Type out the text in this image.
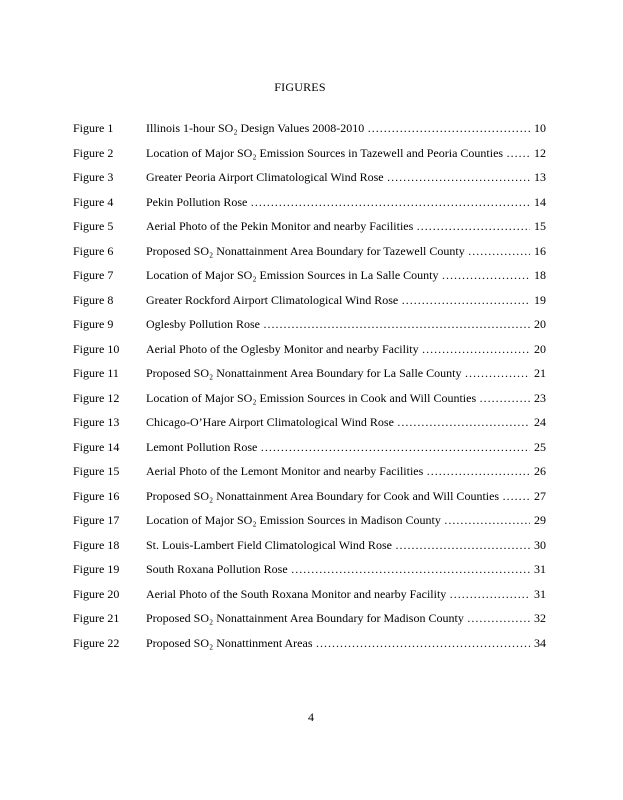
FIGURES
Figure 1	Illinois 1-hour SO₂ Design Values 2008-2010 ……………………………………………………………………………………………………	10
Figure 2	Location of Major SO₂ Emission Sources in Tazewell and Peoria Counties ……………………………………………………………………………………………………	12
Figure 3	Greater Peoria Airport Climatological Wind Rose ……………………………………………………………………………………………………	13
Figure 4	Pekin Pollution Rose ……………………………………………………………………………………………………	14
Figure 5	Aerial Photo of the Pekin Monitor and nearby Facilities ……………………………………………………………………………………………………	15
Figure 6	Proposed SO₂ Nonattainment Area Boundary for Tazewell County ……………………………………………………………………………………………………	16
Figure 7	Location of Major SO₂ Emission Sources in La Salle County ……………………………………………………………………………………………………	18
Figure 8	Greater Rockford Airport Climatological Wind Rose ……………………………………………………………………………………………………	19
Figure 9	Oglesby Pollution Rose ……………………………………………………………………………………………………	20
Figure 10	Aerial Photo of the Oglesby Monitor and nearby Facility ……………………………………………………………………………………………………	20
Figure 11	Proposed SO₂ Nonattainment Area Boundary for La Salle County ……………………………………………………………………………………………………	21
Figure 12	Location of Major SO₂ Emission Sources in Cook and Will Counties ……………………………………………………………………………………………………	23
Figure 13	Chicago-O’Hare Airport Climatological Wind Rose ……………………………………………………………………………………………………	24
Figure 14	Lemont Pollution Rose ……………………………………………………………………………………………………	25
Figure 15	Aerial Photo of the Lemont Monitor and nearby Facilities ……………………………………………………………………………………………………	26
Figure 16	Proposed SO₂ Nonattainment Area Boundary for Cook and Will Counties ……………………………………………………………………………………………………	27
Figure 17	Location of Major SO₂ Emission Sources in Madison County ……………………………………………………………………………………………………	29
Figure 18	St. Louis-Lambert Field Climatological Wind Rose ……………………………………………………………………………………………………	30
Figure 19	South Roxana Pollution Rose ……………………………………………………………………………………………………	31
Figure 20	Aerial Photo of the South Roxana Monitor and nearby Facility ……………………………………………………………………………………………………	31
Figure 21	Proposed SO₂ Nonattainment Area Boundary for Madison County ……………………………………………………………………………………………………	32
Figure 22	Proposed SO₂ Nonattinment Areas ……………………………………………………………………………………………………	34
4
